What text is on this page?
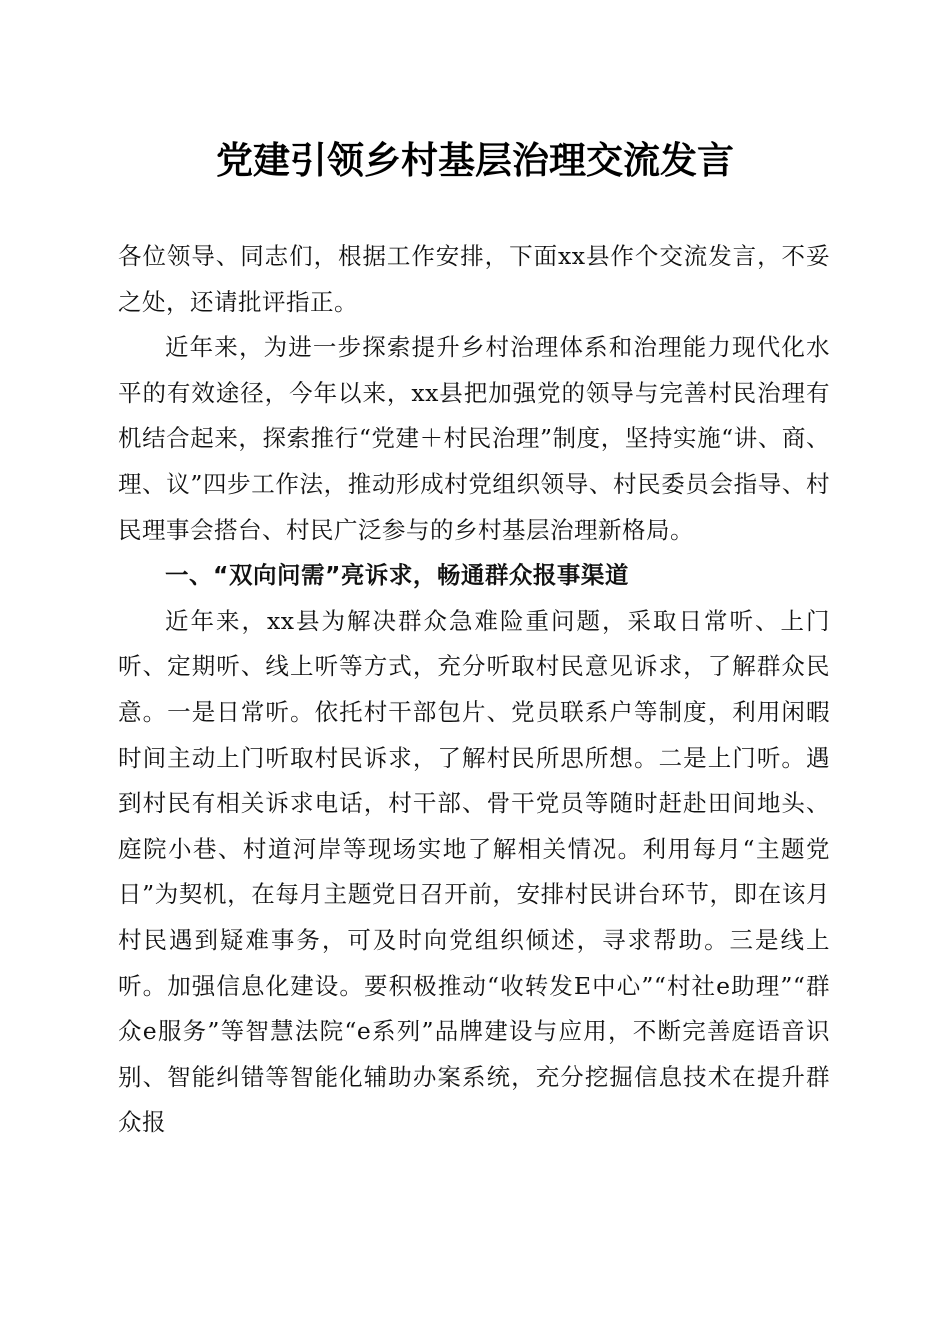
党建引领乡村基层治理交流发言

各位领导、同志们，根据工作安排，下面xx县作个交流发言，不妥之处，还请批评指正。

近年来，为进一步探索提升乡村治理体系和治理能力现代化水平的有效途径，今年以来，xx县把加强党的领导与完善村民治理有机结合起来，探索推行“党建＋村民治理”制度，坚持实施“讲、商、理、议”四步工作法，推动形成村党组织领导、村民委员会指导、村民理事会搭台、村民广泛参与的乡村基层治理新格局。

一、“双向问需”亮诉求，畅通群众报事渠道

近年来，xx县为解决群众急难险重问题，采取日常听、上门听、定期听、线上听等方式，充分听取村民意见诉求，了解群众民意。一是日常听。依托村干部包片、党员联系户等制度，利用闲暇时间主动上门听取村民诉求，了解村民所思所想。二是上门听。遇到村民有相关诉求电话，村干部、骨干党员等随时赶赴田间地头、庭院小巷、村道河岸等现场实地了解相关情况。利用每月“主题党日”为契机，在每月主题党日召开前，安排村民讲台环节，即在该月村民遇到疑难事务，可及时向党组织倾述，寻求帮助。三是线上听。加强信息化建设。要积极推动“收转发E中心”“村社e助理”“群众e服务”等智慧法院“e系列”品牌建设与应用，不断完善庭语音识别、智能纠错等智能化辅助办案系统，充分挖掘信息技术在提升群众报
